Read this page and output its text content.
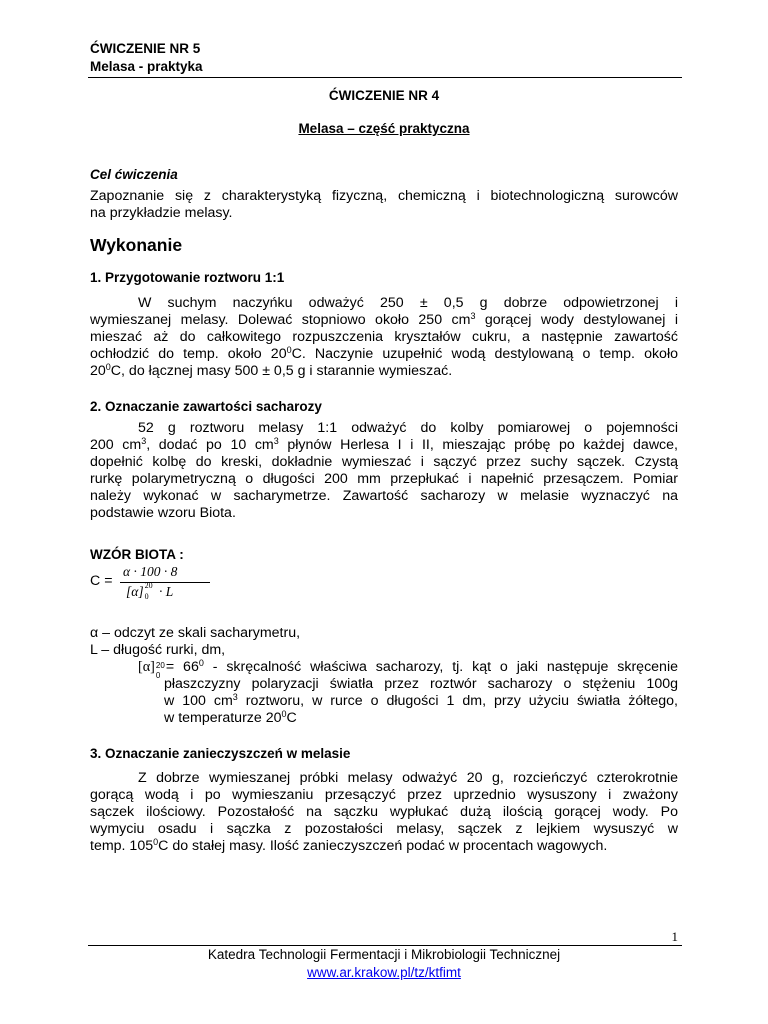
ĆWICZENIE NR 5
Melasa - praktyka
ĆWICZENIE NR 4
Melasa – część praktyczna
Cel ćwiczenia

Zapoznanie się z charakterystyką fizyczną, chemiczną i biotechnologiczną surowców

na przykładzie melasy.

Wykonanie
1. Przygotowanie roztworu 1:1

W suchym naczyńku odważyć 250 ± 0,5 g dobrze odpowietrzonej i

wymieszanej melasy. Dolewać stopniowo około 250 $cm^3$ gorącej wody destylowanej i

mieszać aż do całkowitego rozpuszczenia kryształów cukru, a następnie zawartość

ochłodzić do temp. około $20^0C$. Naczynie uzupełnić wodą destylowaną o temp. około

$20^0C$, do łącznej masy 500 ± 0,5 g i starannie wymieszać.

2. Oznaczanie zawartości sacharozy

52 g roztworu melasy 1:1 odważyć do kolby pomiarowej o pojemności

200 $cm^3$, dodać po 10 $cm^3$ płynów Herlesa I i II, mieszając próbę po każdej dawce,

dopełnić kolbę do kreski, dokładnie wymieszać i sączyć przez suchy sączek. Czystą

rurkę polarymetryczną o długości 200 mm przepłukać i napełnić przesączem. Pomiar

należy wykonać w sacharymetrze. Zawartość sacharozy w melasie wyznaczyć na

podstawie wzoru Biota.

WZÓR BIOTA :
C =
α · 100 · 8
[α] 20
0 · L

α – odczyt ze skali sacharymetru,

L – długość rurki, dm,

[α] 20
0
= $66^0$ - skręcalność właściwa sacharozy, tj. kąt o jaki następuje skręcenie

płaszczyzny polaryzacji światła przez roztwór sacharozy o stężeniu 100g

w 100 $cm^3$ roztworu, w rurce o długości 1 dm, przy użyciu światła żółtego,

w temperaturze $20^0C$

3. Oznaczanie zanieczyszczeń w melasie

Z dobrze wymieszanej próbki melasy odważyć 20 g, rozcieńczyć czterokrotnie

gorącą wodą i po wymieszaniu przesączyć przez uprzednio wysuszony i zważony

sączek ilościowy. Pozostałość na sączku wypłukać dużą ilością gorącej wody. Po

wymyciu osadu i sączka z pozostałości melasy, sączek z lejkiem wysuszyć w

temp. $105^0C$ do stałej masy. Ilość zanieczyszczeń podać w procentach wagowych.

1
Katedra Technologii Fermentacji i Mikrobiologii Technicznej
www.ar.krakow.pl/tz/ktfimt
